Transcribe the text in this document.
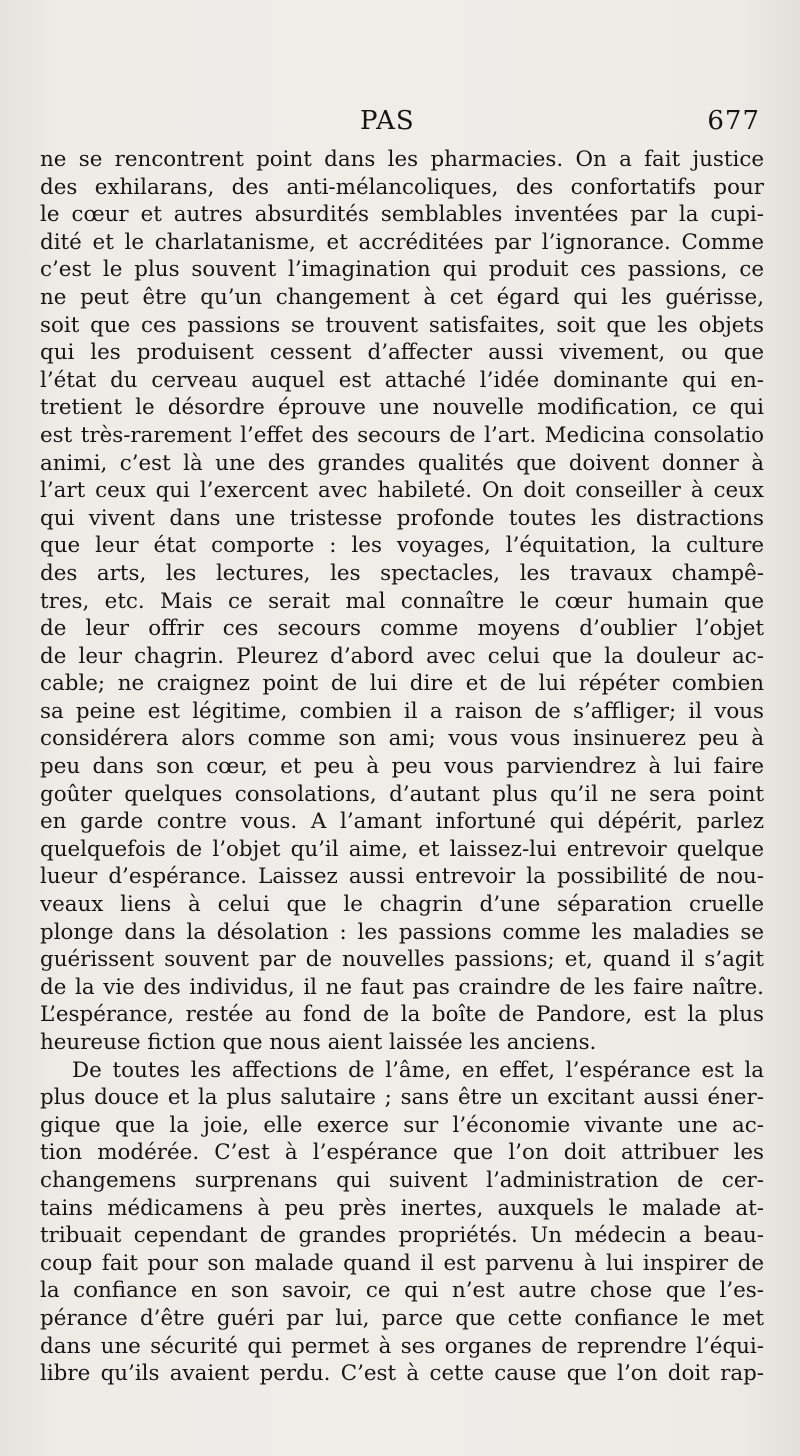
PAS	677
ne se rencontrent point dans les pharmacies. On a fait justice
des exhilarans, des anti-mélancoliques, des confortatifs pour
le cœur et autres absurdités semblables inventées par la cupi-
dité et le charlatanisme, et accréditées par l’ignorance. Comme
c’est le plus souvent l’imagination qui produit ces passions, ce
ne peut être qu’un changement à cet égard qui les guérisse,
soit que ces passions se trouvent satisfaites, soit que les objets
qui les produisent cessent d’affecter aussi vivement, ou que
l’état du cerveau auquel est attaché l’idée dominante qui en-
tretient le désordre éprouve une nouvelle modification, ce qui
est très-rarement l’effet des secours de l’art. Medicina consolatio
animi, c’est là une des grandes qualités que doivent donner à
l’art ceux qui l’exercent avec habileté. On doit conseiller à ceux
qui vivent dans une tristesse profonde toutes les distractions
que leur état comporte : les voyages, l’équitation, la culture
des arts, les lectures, les spectacles, les travaux champê-
tres, etc. Mais ce serait mal connaître le cœur humain que
de leur offrir ces secours comme moyens d’oublier l’objet
de leur chagrin. Pleurez d’abord avec celui que la douleur ac-
cable; ne craignez point de lui dire et de lui répéter combien
sa peine est légitime, combien il a raison de s’affliger; il vous
considérera alors comme son ami; vous vous insinuerez peu à
peu dans son cœur, et peu à peu vous parviendrez à lui faire
goûter quelques consolations, d’autant plus qu’il ne sera point
en garde contre vous. A l’amant infortuné qui dépérit, parlez
quelquefois de l’objet qu’il aime, et laissez-lui entrevoir quelque
lueur d’espérance. Laissez aussi entrevoir la possibilité de nou-
veaux liens à celui que le chagrin d’une séparation cruelle
plonge dans la désolation : les passions comme les maladies se
guérissent souvent par de nouvelles passions; et, quand il s’agit
de la vie des individus, il ne faut pas craindre de les faire naître.
L’espérance, restée au fond de la boîte de Pandore, est la plus
heureuse fiction que nous aient laissée les anciens.
De toutes les affections de l’âme, en effet, l’espérance est la
plus douce et la plus salutaire ; sans être un excitant aussi éner-
gique que la joie, elle exerce sur l’économie vivante une ac-
tion modérée. C’est à l’espérance que l’on doit attribuer les
changemens surprenans qui suivent l’administration de cer-
tains médicamens à peu près inertes, auxquels le malade at-
tribuait cependant de grandes propriétés. Un médecin a beau-
coup fait pour son malade quand il est parvenu à lui inspirer de
la confiance en son savoir, ce qui n’est autre chose que l’es-
pérance d’être guéri par lui, parce que cette confiance le met
dans une sécurité qui permet à ses organes de reprendre l’équi-
libre qu’ils avaient perdu. C’est à cette cause que l’on doit rap-
